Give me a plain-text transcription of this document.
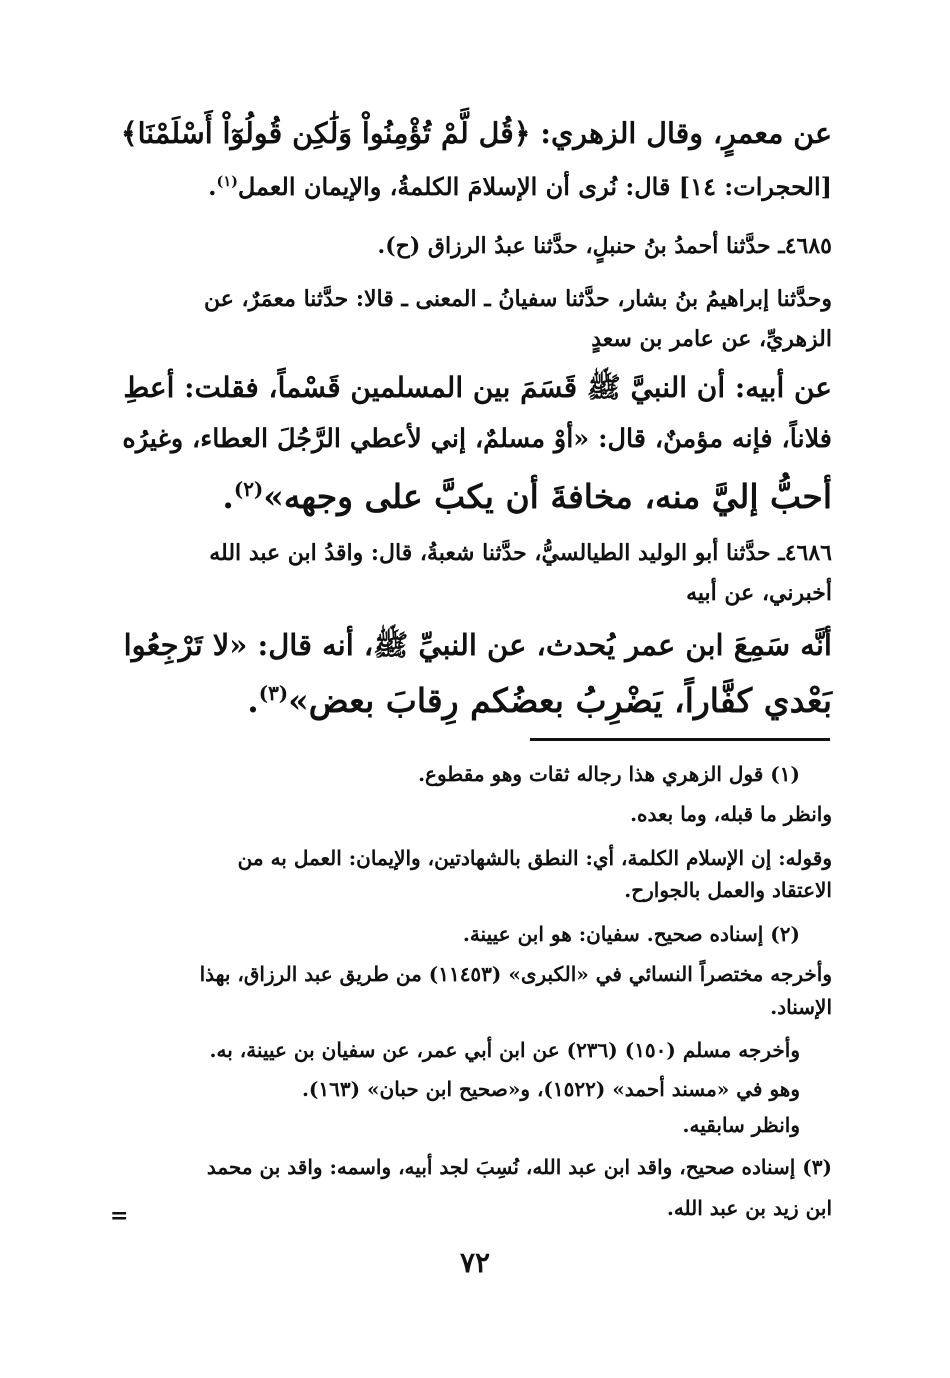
عن معمرٍ، وقال الزهري: ﴿قُل لَّمْ تُؤْمِنُواْ وَلَٰكِن قُولُوٓاْ أَسْلَمْنَا﴾
[الحجرات: ١٤] قال: نُرى أن الإسلامَ الكلمةُ، والإيمان العمل$^{(١)}$.
٤٦٨٥ـ حدَّثنا أحمدُ بنُ حنبلٍ، حدَّثنا عبدُ الرزاق (ح).
وحدَّثنا إبراهيمُ بنُ بشار، حدَّثنا سفيانُ ـ المعنى ـ قالا: حدَّثنا معمَرٌ، عن
الزهريِّ، عن عامر بن سعدٍ
عن أبيه: أن النبيَّ ﷺ قَسَمَ بين المسلمين قَسْماً، فقلت: أعطِ
فلاناً، فإنه مؤمنٌ، قال: «أوْ مسلمٌ، إني لأعطي الرَّجُلَ العطاء، وغيرُه
أحبُّ إليَّ منه، مخافةَ أن يكبَّ على وجهه»$^{(٢)}$.
٤٦٨٦ـ حدَّثنا أبو الوليد الطيالسيُّ، حدَّثنا شعبةُ، قال: واقدُ ابن عبد الله
أخبرني، عن أبيه
أنَّه سَمِعَ ابن عمر يُحدث، عن النبيِّ ﷺ، أنه قال: «لا تَرْجِعُوا
بَعْدي كفَّاراً، يَضْرِبُ بعضُكم رِقابَ بعض»$^{(٣)}$.
(١) قول الزهري هذا رجاله ثقات وهو مقطوع.
وانظر ما قبله، وما بعده.
وقوله: إن الإسلام الكلمة، أي: النطق بالشهادتين، والإيمان: العمل به من
الاعتقاد والعمل بالجوارح.
(٢) إسناده صحيح. سفيان: هو ابن عيينة.
وأخرجه مختصراً النسائي في «الكبرى» (١١٤٥٣) من طريق عبد الرزاق، بهذا
الإسناد.
وأخرجه مسلم (١٥٠) (٢٣٦) عن ابن أبي عمر، عن سفيان بن عيينة، به.
وهو في «مسند أحمد» (١٥٢٢)، و«صحيح ابن حبان» (١٦٣).
وانظر سابقيه.
(٣) إسناده صحيح، واقد ابن عبد الله، نُسِبَ لجد أبيه، واسمه: واقد بن محمد
ابن زيد بن عبد الله.
=
٧٢
